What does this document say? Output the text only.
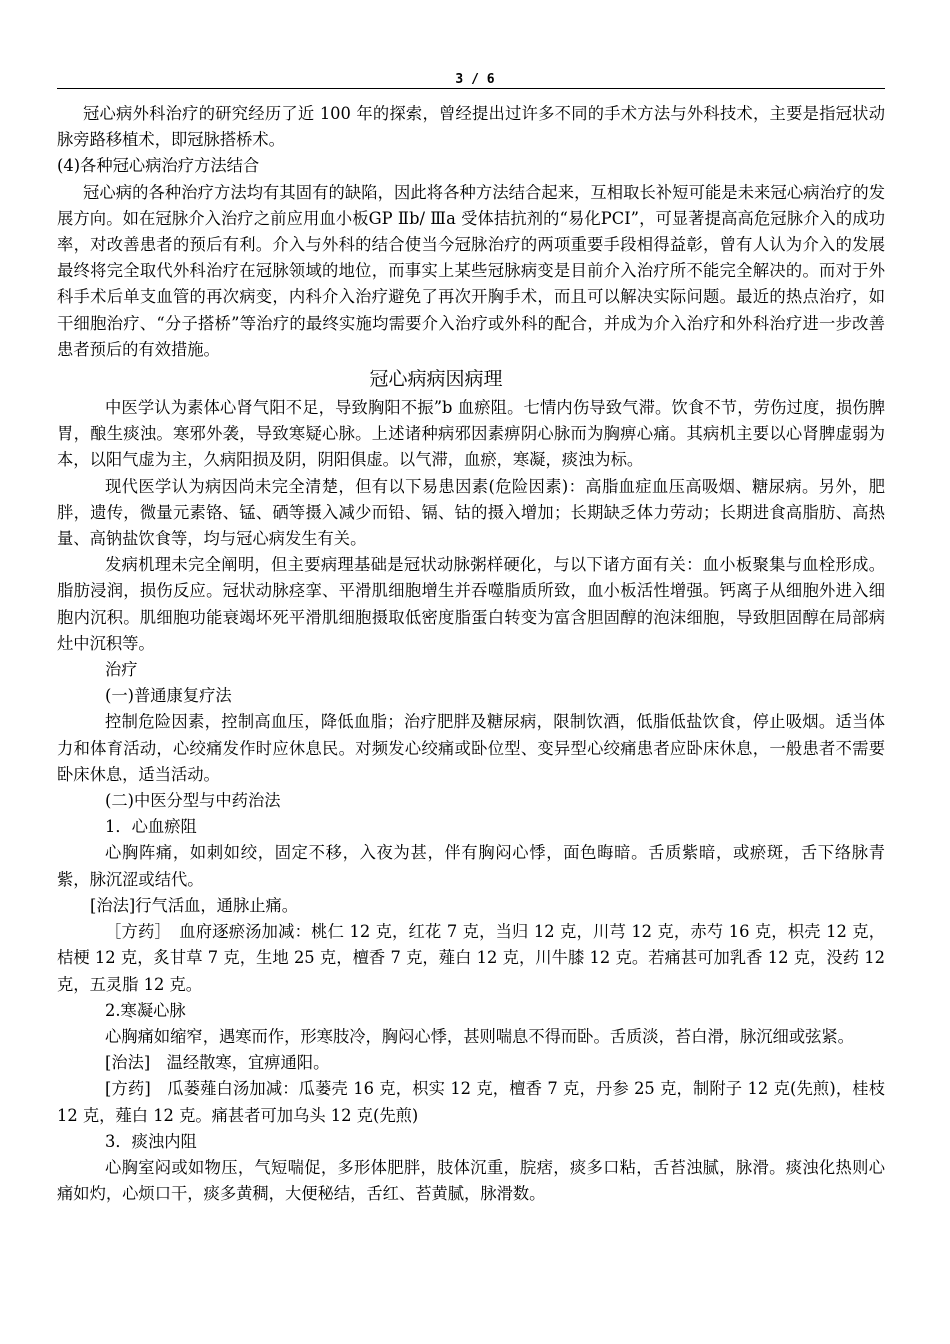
3 / 6

冠心病外科治疗的研究经历了近 100 年的探索，曾经提出过许多不同的手术方法与外科技术，主要是指冠状动脉旁路移植术，即冠脉搭桥术。

(4)各种冠心病治疗方法结合

冠心病的各种治疗方法均有其固有的缺陷，因此将各种方法结合起来，互相取长补短可能是未来冠心病治疗的发展方向。如在冠脉介入治疗之前应用血小板GP Ⅱb/ Ⅲa 受体拮抗剂的“易化PCI”，可显著提高高危冠脉介入的成功率，对改善患者的预后有利。介入与外科的结合使当今冠脉治疗的两项重要手段相得益彰，曾有人认为介入的发展最终将完全取代外科治疗在冠脉领域的地位，而事实上某些冠脉病变是目前介入治疗所不能完全解决的。而对于外科手术后单支血管的再次病变，内科介入治疗避免了再次开胸手术，而且可以解决实际问题。最近的热点治疗，如干细胞治疗、“分子搭桥”等治疗的最终实施均需要介入治疗或外科的配合，并成为介入治疗和外科治疗进一步改善患者预后的有效措施。

冠心病病因病理

中医学认为素体心肾气阳不足，导致胸阳不振”b 血瘀阻。七情内伤导致气滞。饮食不节，劳伤过度，损伤脾胃，酿生痰浊。寒邪外袭，导致寒疑心脉。上述诸种病邪因素痹阴心脉而为胸痹心痛。其病机主要以心肾脾虚弱为本，以阳气虚为主，久病阳损及阴，阴阳俱虚。以气滞，血瘀，寒凝，痰浊为标。

现代医学认为病因尚未完全清楚，但有以下易患因素(危险因素)：高脂血症血压高吸烟、糖尿病。另外，肥胖，遗传，微量元素铬、锰、硒等摄入减少而铅、镉、钴的摄入增加；长期缺乏体力劳动；长期进食高脂肪、高热量、高钠盐饮食等，均与冠心病发生有关。

发病机理未完全阐明，但主要病理基础是冠状动脉粥样硬化，与以下诸方面有关：血小板聚集与血栓形成。脂肪浸润，损伤反应。冠状动脉痉挛、平滑肌细胞增生并吞噬脂质所致，血小板活性增强。钙离子从细胞外进入细胞内沉积。肌细胞功能衰竭坏死平滑肌细胞摄取低密度脂蛋白转变为富含胆固醇的泡沫细胞，导致胆固醇在局部病灶中沉积等。

治疗

(一)普通康复疗法

控制危险因素，控制高血压，降低血脂；治疗肥胖及糖尿病，限制饮酒，低脂低盐饮食，停止吸烟。适当体力和体育活动，心绞痛发作时应休息民。对频发心绞痛或卧位型、变异型心绞痛患者应卧床休息，一般患者不需要卧床休息，适当活动。

(二)中医分型与中药治法

1．心血瘀阻

心胸阵痛，如刺如绞，固定不移，入夜为甚，伴有胸闷心悸，面色晦暗。舌质紫暗，或瘀斑，舌下络脉青紫，脉沉涩或结代。

[治法]行气活血，通脉止痛。

［方药］　血府逐瘀汤加减：桃仁 12 克，红花 7 克，当归 12 克，川芎 12 克，赤芍 16 克，枳壳 12 克，桔梗 12 克，炙甘草 7 克，生地 25 克，檀香 7 克，薤白 12 克，川牛膝 12 克。若痛甚可加乳香 12 克，没药 12 克，五灵脂 12 克。

2.寒凝心脉

心胸痛如缩窄，遇寒而作，形寒肢冷，胸闷心悸，甚则喘息不得而卧。舌质淡，苔白滑，脉沉细或弦紧。

[治法]　温经散寒，宜痹通阳。

[方药]　瓜蒌薤白汤加减：瓜蒌壳 16 克，枳实 12 克，檀香 7 克，丹参 25 克，制附子 12 克(先煎)，桂枝 12 克，薤白 12 克。痛甚者可加乌头 12 克(先煎)

3．痰浊内阻

心胸室闷或如物压，气短喘促，多形体肥胖，肢体沉重，脘痞，痰多口粘，舌苔浊腻，脉滑。痰浊化热则心痛如灼，心烦口干，痰多黄稠，大便秘结，舌红、苔黄腻，脉滑数。
